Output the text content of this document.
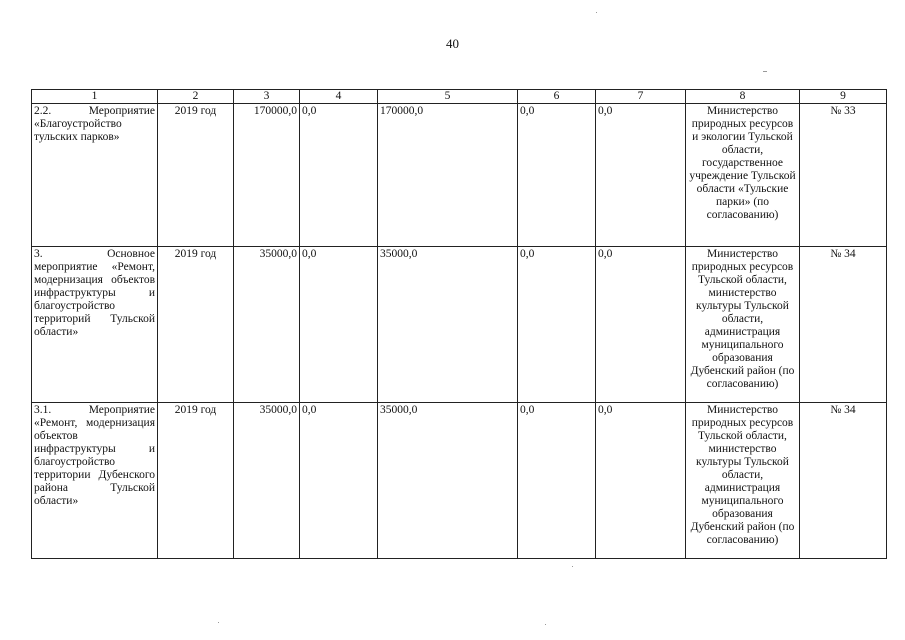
40
1	2	3	4	5	6	7	8	9
2.2. Мероприятие «Благоустройство тульских парков»	2019 год	170000,0	0,0	170000,0	0,0	0,0	Министерство природных ресурсов и экологии Тульской области, государственное учреждение Тульской области «Тульские парки» (по согласованию)	№ 33
3. Основное мероприятие «Ремонт, модернизация объектов инфраструктуры и благоустройство территорий Тульской области»	2019 год	35000,0	0,0	35000,0	0,0	0,0	Министерство природных ресурсов Тульской области, министерство культуры Тульской области, администрация муниципального образования Дубенский район (по согласованию)	№ 34
3.1. Мероприятие «Ремонт, модернизация объектов инфраструктуры и благоустройство территории Дубенского района Тульской области»	2019 год	35000,0	0,0	35000,0	0,0	0,0	Министерство природных ресурсов Тульской области, министерство культуры Тульской области, администрация муниципального образования Дубенский район (по согласованию)	№ 34
